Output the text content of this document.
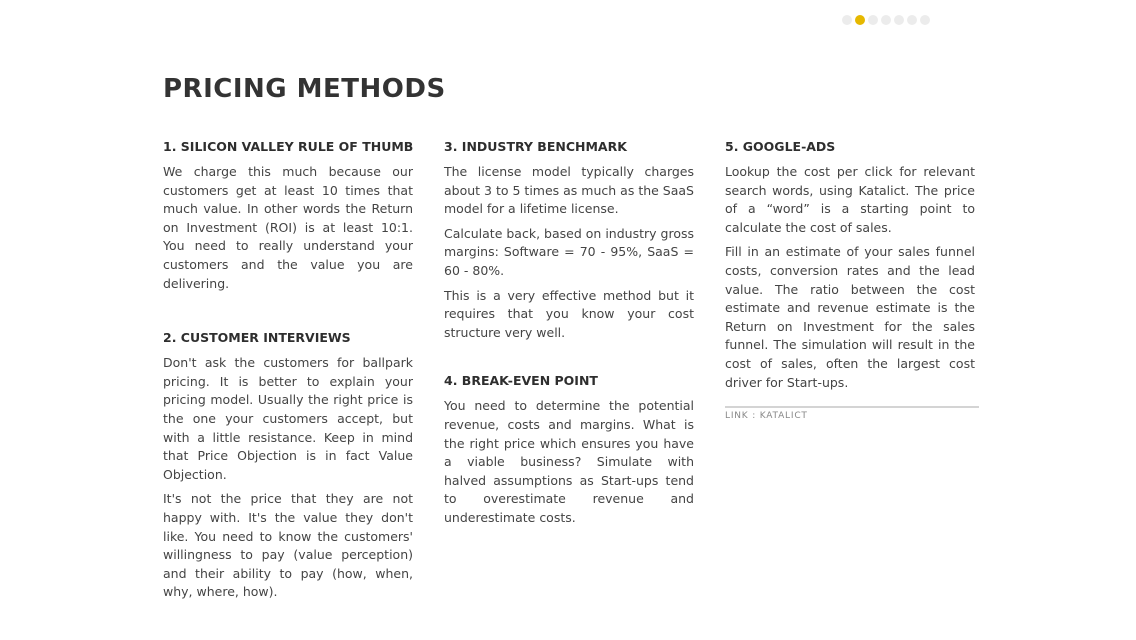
PRICING METHODS
1. SILICON VALLEY RULE OF THUMB

We charge this much because our customers get at least 10 times that much value. In other words the Return on Investment (ROI) is at least 10:1. You need to really understand your customers and the value you are delivering.

2. CUSTOMER INTERVIEWS

Don't ask the customers for ballpark pricing. It is better to explain your pricing model. Usually the right price is the one your customers accept, but with a little resistance. Keep in mind that Price Objection is in fact Value Objection.

It's not the price that they are not happy with. It's the value they don't like. You need to know the customers' willingness to pay (value perception) and their ability to pay (how, when, why, where, how).

3. INDUSTRY BENCHMARK

The license model typically charges about 3 to 5 times as much as the SaaS model for a lifetime license.

Calculate back, based on industry gross margins: Software = 70 - 95%, SaaS = 60 - 80%.

This is a very effective method but it requires that you know your cost structure very well.

4. BREAK-EVEN POINT

You need to determine the potential revenue, costs and margins. What is the right price which ensures you have a viable business? Simulate with halved assumptions as Start-ups tend to overestimate revenue and underestimate costs.

5. GOOGLE-ADS

Lookup the cost per click for relevant search words, using Katalict. The price of a “word” is a starting point to calculate the cost of sales.

Fill in an estimate of your sales funnel costs, conversion rates and the lead value. The ratio between the cost estimate and revenue estimate is the Return on Investment for the sales funnel. The simulation will result in the cost of sales, often the largest cost driver for Start-ups.

LINK : KATALICT
